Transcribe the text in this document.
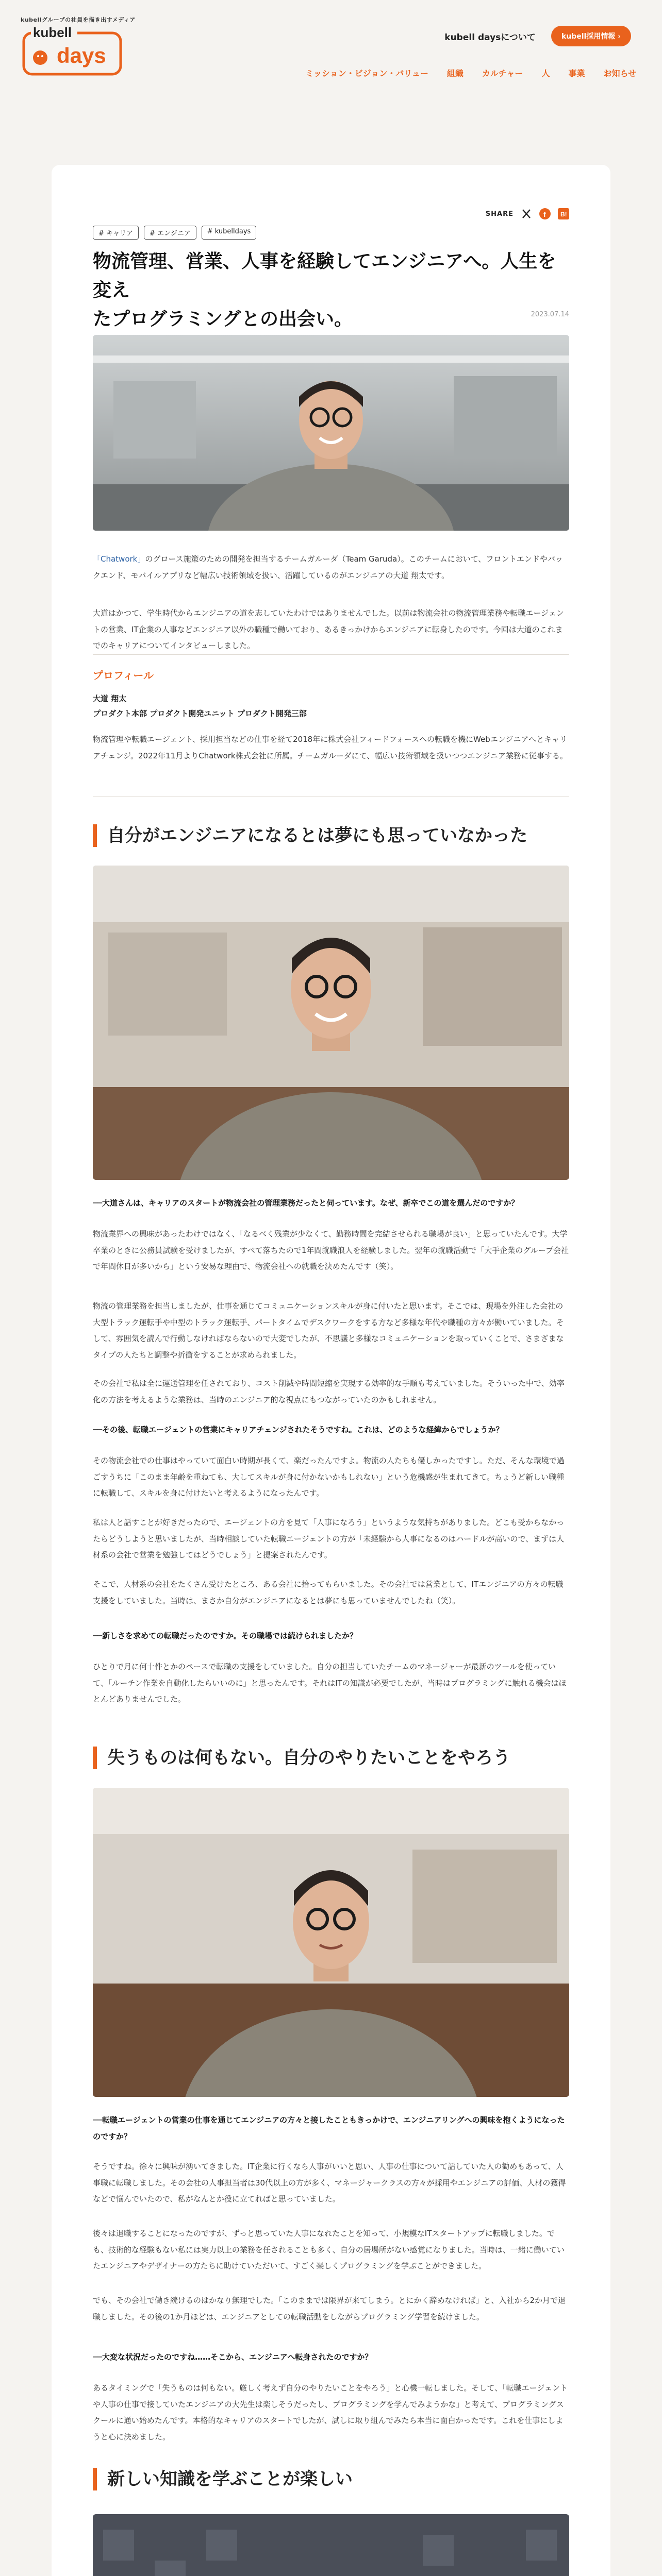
kubellグループの社員を描き出すメディア
kubell
days
kubell daysについて	kubell採用情報 ›
ミッション・ビジョン・バリュー 組織 カルチャー 人 事業 お知らせ
SHARE	f B!
# キャリア	# エンジニア	# kubelldays
物流管理、営業、人事を経験してエンジニアへ。人生を変え
たプログラミングとの出会い。	2023.07.14
「Chatwork」のグロース施策のための開発を担当するチームガルーダ（Team Garuda）。このチームにおいて、フロントエンドやバックエンド、モバイルアプリなど幅広い技術領域を扱い、活躍しているのがエンジニアの大道 翔太です。
大道はかつて、学生時代からエンジニアの道を志していたわけではありませんでした。以前は物流会社の物流管理業務や転職エージェントの営業、IT企業の人事などエンジニア以外の職種で働いており、あるきっかけからエンジニアに転身したのです。今回は大道のこれまでのキャリアについてインタビューしました。
プロフィール
大道 翔太
プロダクト本部 プロダクト開発ユニット プロダクト開発三部
物流管理や転職エージェント、採用担当などの仕事を経て2018年に株式会社フィードフォースへの転職を機にWebエンジニアへとキャリアチェンジ。2022年11月よりChatwork株式会社に所属。チームガルーダにて、幅広い技術領域を扱いつつエンジニア業務に従事する。
自分がエンジニアになるとは夢にも思っていなかった
──大道さんは、キャリアのスタートが物流会社の管理業務だったと伺っています。なぜ、新卒でこの道を選んだのですか？
物流業界への興味があったわけではなく、「なるべく残業が少なくて、勤務時間を完結させられる職場が良い」と思っていたんです。大学卒業のときに公務員試験を受けましたが、すべて落ちたので1年間就職浪人を経験しました。翌年の就職活動で「大手企業のグループ会社で年間休日が多いから」という安易な理由で、物流会社への就職を決めたんです（笑）。
物流の管理業務を担当しましたが、仕事を通じてコミュニケーションスキルが身に付いたと思います。そこでは、現場を外注した会社の大型トラック運転手や中型のトラック運転手、パートタイムでデスクワークをする方など多様な年代や職種の方々が働いていました。そして、雰囲気を読んで行動しなければならないので大変でしたが、不思議と多様なコミュニケーションを取っていくことで、さまざまなタイプの人たちと調整や折衝をすることが求められました。
その会社で私は全に運送管理を任されており、コスト削減や時間短縮を実現する効率的な手順も考えていました。そういった中で、効率化の方法を考えるような業務は、当時のエンジニア的な視点にもつながっていたのかもしれません。
──その後、転職エージェントの営業にキャリアチェンジされたそうですね。これは、どのような経緯からでしょうか？
その物流会社での仕事はやっていて面白い時期が長くて、楽だったんですよ。物流の人たちも優しかったですし。ただ、そんな環境で過ごすうちに「このまま年齢を重ねても、大してスキルが身に付かないかもしれない」という危機感が生まれてきて。ちょうど新しい職種に転職して、スキルを身に付けたいと考えるようになったんです。
私は人と話すことが好きだったので、エージェントの方を見て「人事になろう」というような気持ちがありました。どこも受からなかったらどうしようと思いましたが、当時相談していた転職エージェントの方が「未経験から人事になるのはハードルが高いので、まずは人材系の会社で営業を勉強してはどうでしょう」と提案されたんです。
そこで、人材系の会社をたくさん受けたところ、ある会社に拾ってもらいました。その会社では営業として、ITエンジニアの方々の転職支援をしていました。当時は、まさか自分がエンジニアになるとは夢にも思っていませんでしたね（笑）。
──新しさを求めての転職だったのですか。その職場では続けられましたか？
ひとりで月に何十件とかのペースで転職の支援をしていました。自分の担当していたチームのマネージャーが最新のツールを使っていて、「ルーチン作業を自動化したらいいのに」と思ったんです。それはITの知識が必要でしたが、当時はプログラミングに触れる機会はほとんどありませんでした。
失うものは何もない。自分のやりたいことをやろう
──転職エージェントの営業の仕事を通じてエンジニアの方々と接したこともきっかけで、エンジニアリングへの興味を抱くようになったのですか？
そうですね。徐々に興味が湧いてきました。IT企業に行くなら人事がいいと思い、人事の仕事について話していた人の勧めもあって、人事職に転職しました。その会社の人事担当者は30代以上の方が多く、マネージャークラスの方々が採用やエンジニアの評価、人材の獲得などで悩んでいたので、私がなんとか役に立てればと思っていました。
後々は退職することになったのですが、ずっと思っていた人事になれたことを知って、小規模なITスタートアップに転職しました。でも、技術的な経験もない私には実力以上の業務を任されることも多く、自分の居場所がない感覚になりました。当時は、一緒に働いていたエンジニアやデザイナーの方たちに助けていただいて、すごく楽しくプログラミングを学ぶことができました。
でも、その会社で働き続けるのはかなり無理でした。「このままでは限界が来てしまう。とにかく辞めなければ」と、入社から2か月で退職しました。その後の1か月ほどは、エンジニアとしての転職活動をしながらプログラミング学習を続けました。
──大変な状況だったのですね……そこから、エンジニアへ転身されたのですか？
あるタイミングで「失うものは何もない。厳しく考えず自分のやりたいことをやろう」と心機一転しました。そして、「転職エージェントや人事の仕事で接していたエンジニアの大先生は楽しそうだったし、プログラミングを学んでみようかな」と考えて、プログラミングスクールに通い始めたんです。本格的なキャリアのスタートでしたが、試しに取り組んでみたら本当に面白かったです。これを仕事にしようと心に決めました。
新しい知識を学ぶことが楽しい
